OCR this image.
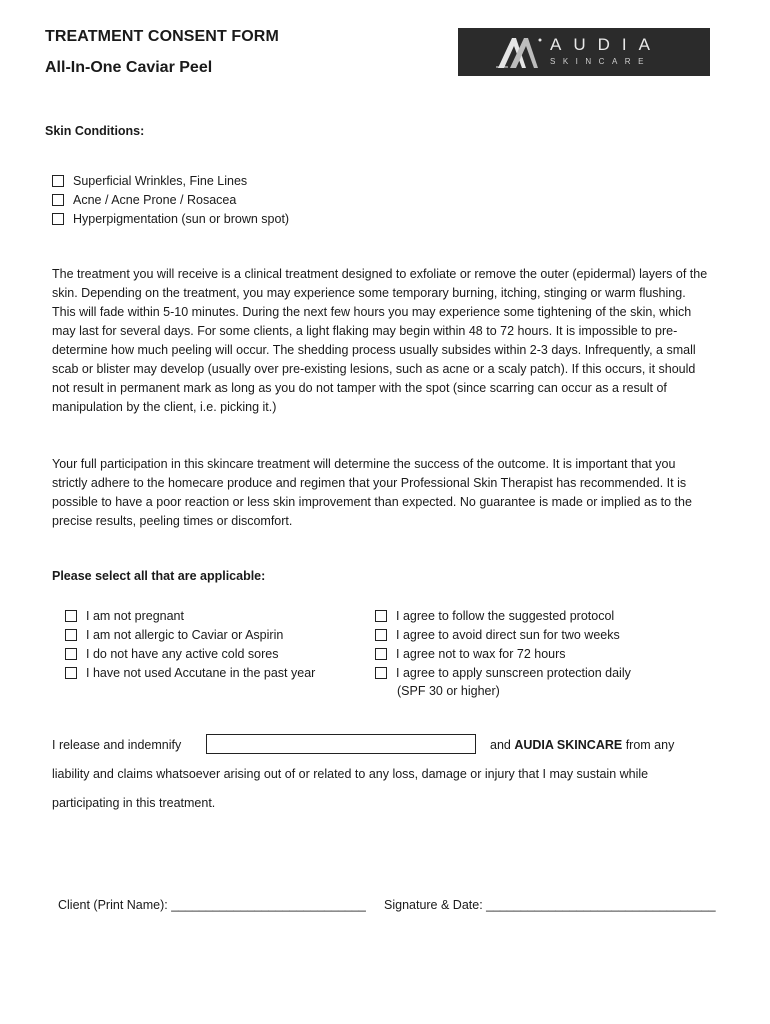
TREATMENT CONSENT FORM
All-In-One Caviar Peel
AUDIA
SKINCARE
Skin Conditions:
Superficial Wrinkles, Fine Lines
Acne / Acne Prone / Rosacea
Hyperpigmentation (sun or brown spot)
The treatment you will receive is a clinical treatment designed to exfoliate or remove the outer (epidermal) layers of the skin. Depending on the treatment, you may experience some temporary burning, itching, stinging or warm flushing. This will fade within 5-10 minutes. During the next few hours you may experience some tightening of the skin, which may last for several days. For some clients, a light flaking may begin within 48 to 72 hours. It is impossible to pre-determine how much peeling will occur. The shedding process usually subsides within 2-3 days. Infrequently, a small scab or blister may develop (usually over pre-existing lesions, such as acne or a scaly patch). If this occurs, it should not result in permanent mark as long as you do not tamper with the spot (since scarring can occur as a result of manipulation by the client, i.e. picking it.)
Your full participation in this skincare treatment will determine the success of the outcome. It is important that you strictly adhere to the homecare produce and regimen that your Professional Skin Therapist has recommended. It is possible to have a poor reaction or less skin improvement than expected. No guarantee is made or implied as to the precise results, peeling times or discomfort.
Please select all that are applicable:
I am not pregnant
I am not allergic to Caviar or Aspirin
I do not have any active cold sores
I have not used Accutane in the past year
I agree to follow the suggested protocol
I agree to avoid direct sun for two weeks
I agree not to wax for 72 hours
I agree to apply sunscreen protection daily
(SPF 30 or higher)
I release and indemnify	and AUDIA SKINCARE from any
liability and claims whatsoever arising out of or related to any loss, damage or injury that I may sustain while
participating in this treatment.
Client (Print Name): ____________________________ Signature & Date: _________________________________
